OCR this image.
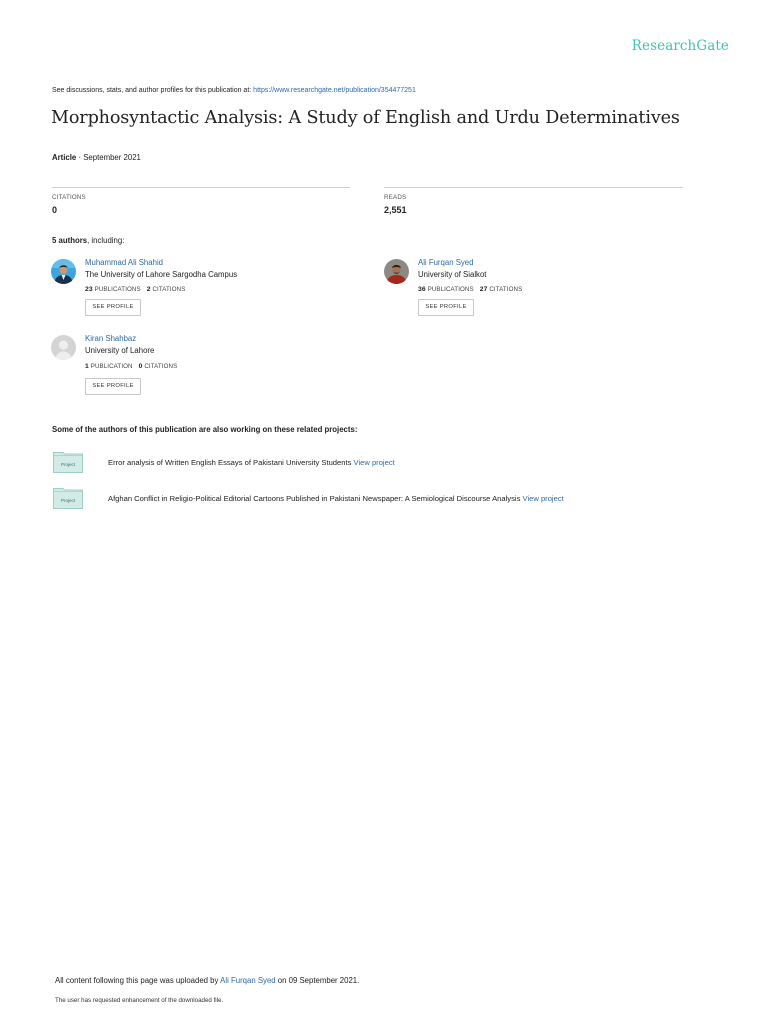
ResearchGate
See discussions, stats, and author profiles for this publication at: https://www.researchgate.net/publication/354477251
Morphosyntactic Analysis: A Study of English and Urdu Determinatives
Article · September 2021
CITATIONS
0
READS
2,551
5 authors, including:
Muhammad Ali Shahid
The University of Lahore Sargodha Campus
23 PUBLICATIONS 2 CITATIONS
SEE PROFILE
Ali Furqan Syed
University of Sialkot
36 PUBLICATIONS 27 CITATIONS
SEE PROFILE
Kiran Shahbaz
University of Lahore
1 PUBLICATION 0 CITATIONS
SEE PROFILE
Some of the authors of this publication are also working on these related projects:
Project	Error analysis of Written English Essays of Pakistani University Students View project
Project	Afghan Conflict in Religio-Political Editorial Cartoons Published in Pakistani Newspaper: A Semiological Discourse Analysis View project
All content following this page was uploaded by Ali Furqan Syed on 09 September 2021.
The user has requested enhancement of the downloaded file.
